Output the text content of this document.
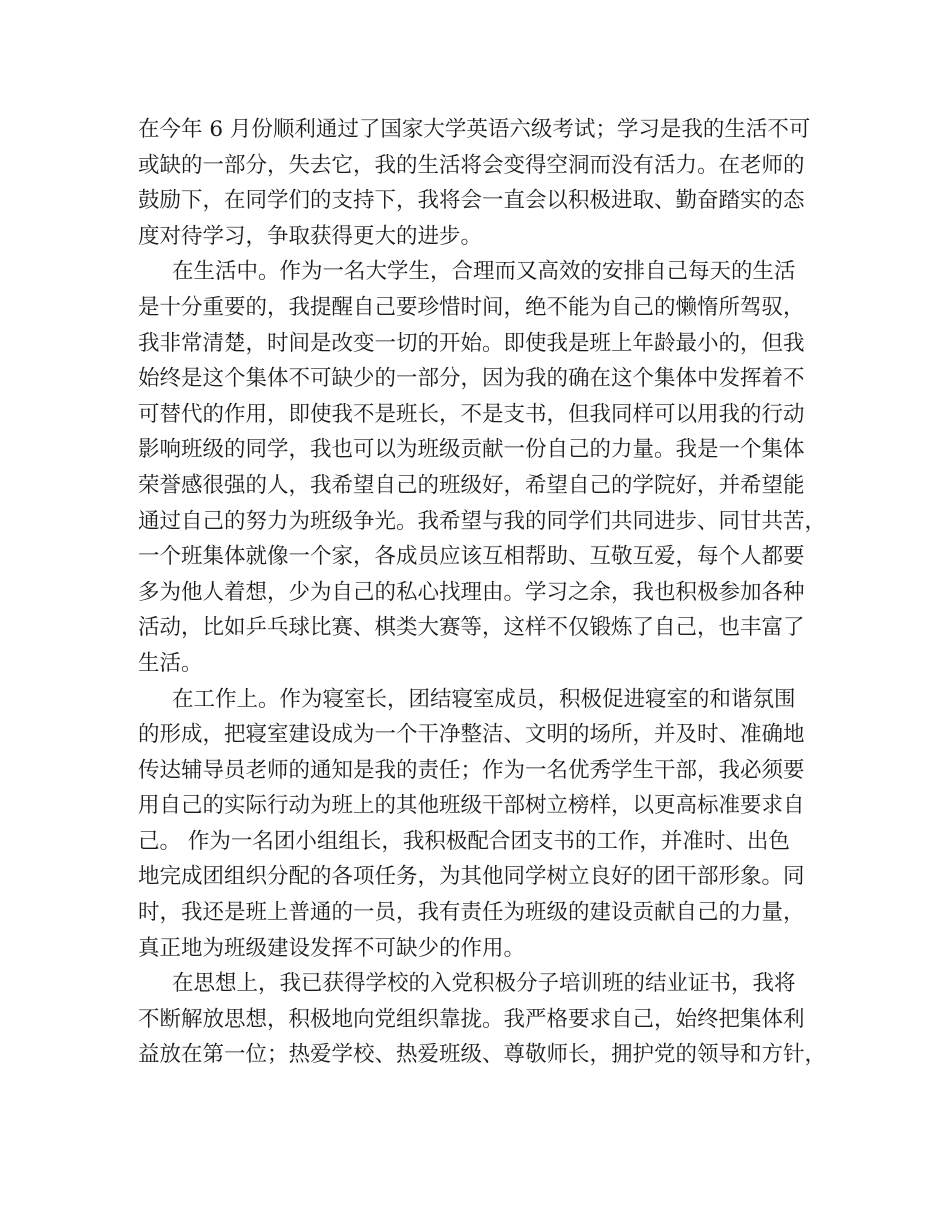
在今年 6 月份顺利通过了国家大学英语六级考试；学习是我的生活不可
或缺的一部分，失去它，我的生活将会变得空洞而没有活力。在老师的
鼓励下，在同学们的支持下，我将会一直会以积极进取、勤奋踏实的态
度对待学习，争取获得更大的进步。

在生活中。作为一名大学生，合理而又高效的安排自己每天的生活
是十分重要的，我提醒自己要珍惜时间，绝不能为自己的懒惰所驾驭，
我非常清楚，时间是改变一切的开始。即使我是班上年龄最小的，但我
始终是这个集体不可缺少的一部分，因为我的确在这个集体中发挥着不
可替代的作用，即使我不是班长，不是支书，但我同样可以用我的行动
影响班级的同学，我也可以为班级贡献一份自己的力量。我是一个集体
荣誉感很强的人，我希望自己的班级好，希望自己的学院好，并希望能
通过自己的努力为班级争光。我希望与我的同学们共同进步、同甘共苦，
一个班集体就像一个家，各成员应该互相帮助、互敬互爱，每个人都要
多为他人着想，少为自己的私心找理由。学习之余，我也积极参加各种
活动，比如乒乓球比赛、棋类大赛等，这样不仅锻炼了自己，也丰富了
生活。

在工作上。作为寝室长，团结寝室成员，积极促进寝室的和谐氛围
的形成，把寝室建设成为一个干净整洁、文明的场所，并及时、准确地
传达辅导员老师的通知是我的责任；作为一名优秀学生干部，我必须要
用自己的实际行动为班上的其他班级干部树立榜样，以更高标准要求自
己。 作为一名团小组组长，我积极配合团支书的工作，并准时、出色
地完成团组织分配的各项任务，为其他同学树立良好的团干部形象。同
时，我还是班上普通的一员，我有责任为班级的建设贡献自己的力量，
真正地为班级建设发挥不可缺少的作用。

在思想上，我已获得学校的入党积极分子培训班的结业证书，我将
不断解放思想，积极地向党组织靠拢。我严格要求自己，始终把集体利
益放在第一位；热爱学校、热爱班级、尊敬师长，拥护党的领导和方针，
